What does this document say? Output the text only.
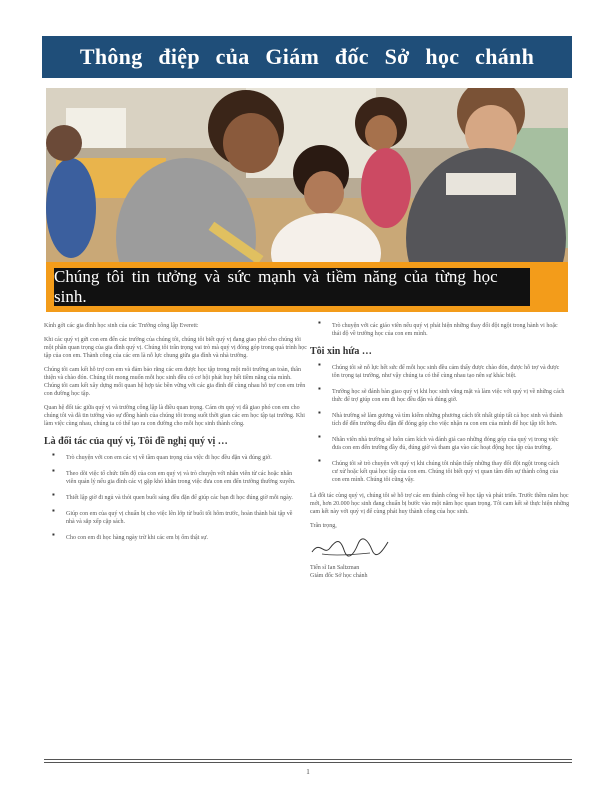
Thông điệp của Giám đốc Sở học chánh
Chúng tôi tin tưởng và sức mạnh và tiềm năng của từng học sinh.

Kính gởi các gia đình học sinh của các Trường công lập Everett:

Khi các quý vị gửi con em đến các trường của chúng tôi, chúng tôi biết quý vị đang giao phó cho chúng tôi một phần quan trọng của gia đình quý vị. Chúng tôi trân trọng vai trò mà quý vị đóng góp trong quá trình học tập của con em. Thành công của các em là nỗ lực chung giữa gia đình và nhà trường.

Chúng tôi cam kết hỗ trợ con em và đảm bảo rằng các em được học tập trong một môi trường an toàn, thân thiện và chào đón. Chúng tôi mong muốn mỗi học sinh đều có cơ hội phát huy hết tiềm năng của mình. Chúng tôi cam kết xây dựng mối quan hệ hợp tác bền vững với các gia đình để cùng nhau hỗ trợ con em trên con đường học tập.

Quan hệ đối tác giữa quý vị và trường công lập là điều quan trọng. Cám ơn quý vị đã giao phó con em cho chúng tôi và đã tin tưởng vào sự đồng hành của chúng tôi trong suốt thời gian các em học tập tại trường. Khi làm việc cùng nhau, chúng ta có thể tạo ra con đường cho mỗi học sinh thành công.

Là đối tác của quý vị, Tôi đề nghị quý vị …
▪ Trò chuyện với con em các vị về tầm quan trọng của việc đi học đều đặn và đúng giờ.
▪ Theo dõi việc tổ chức tiến độ của con em quý vị và trò chuyện với nhân viên từ các hoặc nhân viên quản lý nếu gia đình các vị gặp khó khăn trong việc đưa con em đến trường thường xuyên.
▪ Thiết lập giờ đi ngủ và thói quen buổi sáng đều đặn để giúp các bạn đi học đúng giờ mỗi ngày.
▪ Giúp con em của quý vị chuẩn bị cho việc lên lớp từ buổi tối hôm trước, hoàn thành bài tập về nhà và sắp xếp cặp sách.
▪ Cho con em đi học hàng ngày trừ khi các em bị ốm thật sự.
▪ Trò chuyện với các giáo viên nếu quý vị phát hiện những thay đổi đột ngột trong hành vi hoặc thái độ về trường học của con em mình.
Tôi xin hứa …
▪ Chúng tôi sẽ nỗ lực hết sức để mỗi học sinh đều cảm thấy được chào đón, được hỗ trợ và được tôn trọng tại trường, như vậy chúng ta có thể cùng nhau tạo nên sự khác biệt.
▪ Trường học sẽ đánh bàn giao quý vị khi học sinh vắng mặt và làm việc với quý vị về những cách thức để trợ giúp con em đi học đều đặn và đúng giờ.
▪ Nhà trường sẽ làm gương và tìm kiếm những phương cách tốt nhất giúp tất cả học sinh và thành tích để đến trường đều đặn để đóng góp cho việc nhận ra con em của mình để học tập tốt hơn.
▪ Nhân viên nhà trường sẽ luôn cảm kích và đánh giá cao những đóng góp của quý vị trong việc đưa con em đến trường đầy đủ, đúng giờ và tham gia vào các hoạt động học tập của trường.
▪ Chúng tôi sẽ trò chuyện với quý vị khi chúng tôi nhận thấy những thay đổi đột ngột trong cách cư xử hoặc kết quả học tập của con em. Chúng tôi biết quý vị quan tâm đến sự thành công của con em mình. Chúng tôi cũng vậy.

Là đối tác cùng quý vị, chúng tôi sẽ hỗ trợ các em thành công về học tập và phát triển. Trước thềm năm học mới, hơn 20.000 học sinh đang chuẩn bị bước vào một năm học quan trọng. Tôi cam kết sẽ thực hiện những cam kết này với quý vị để cùng phát huy thành công của học sinh.

Trân trọng,

Tiến sĩ Ian Saltzman

Giám đốc Sở học chánh

1
